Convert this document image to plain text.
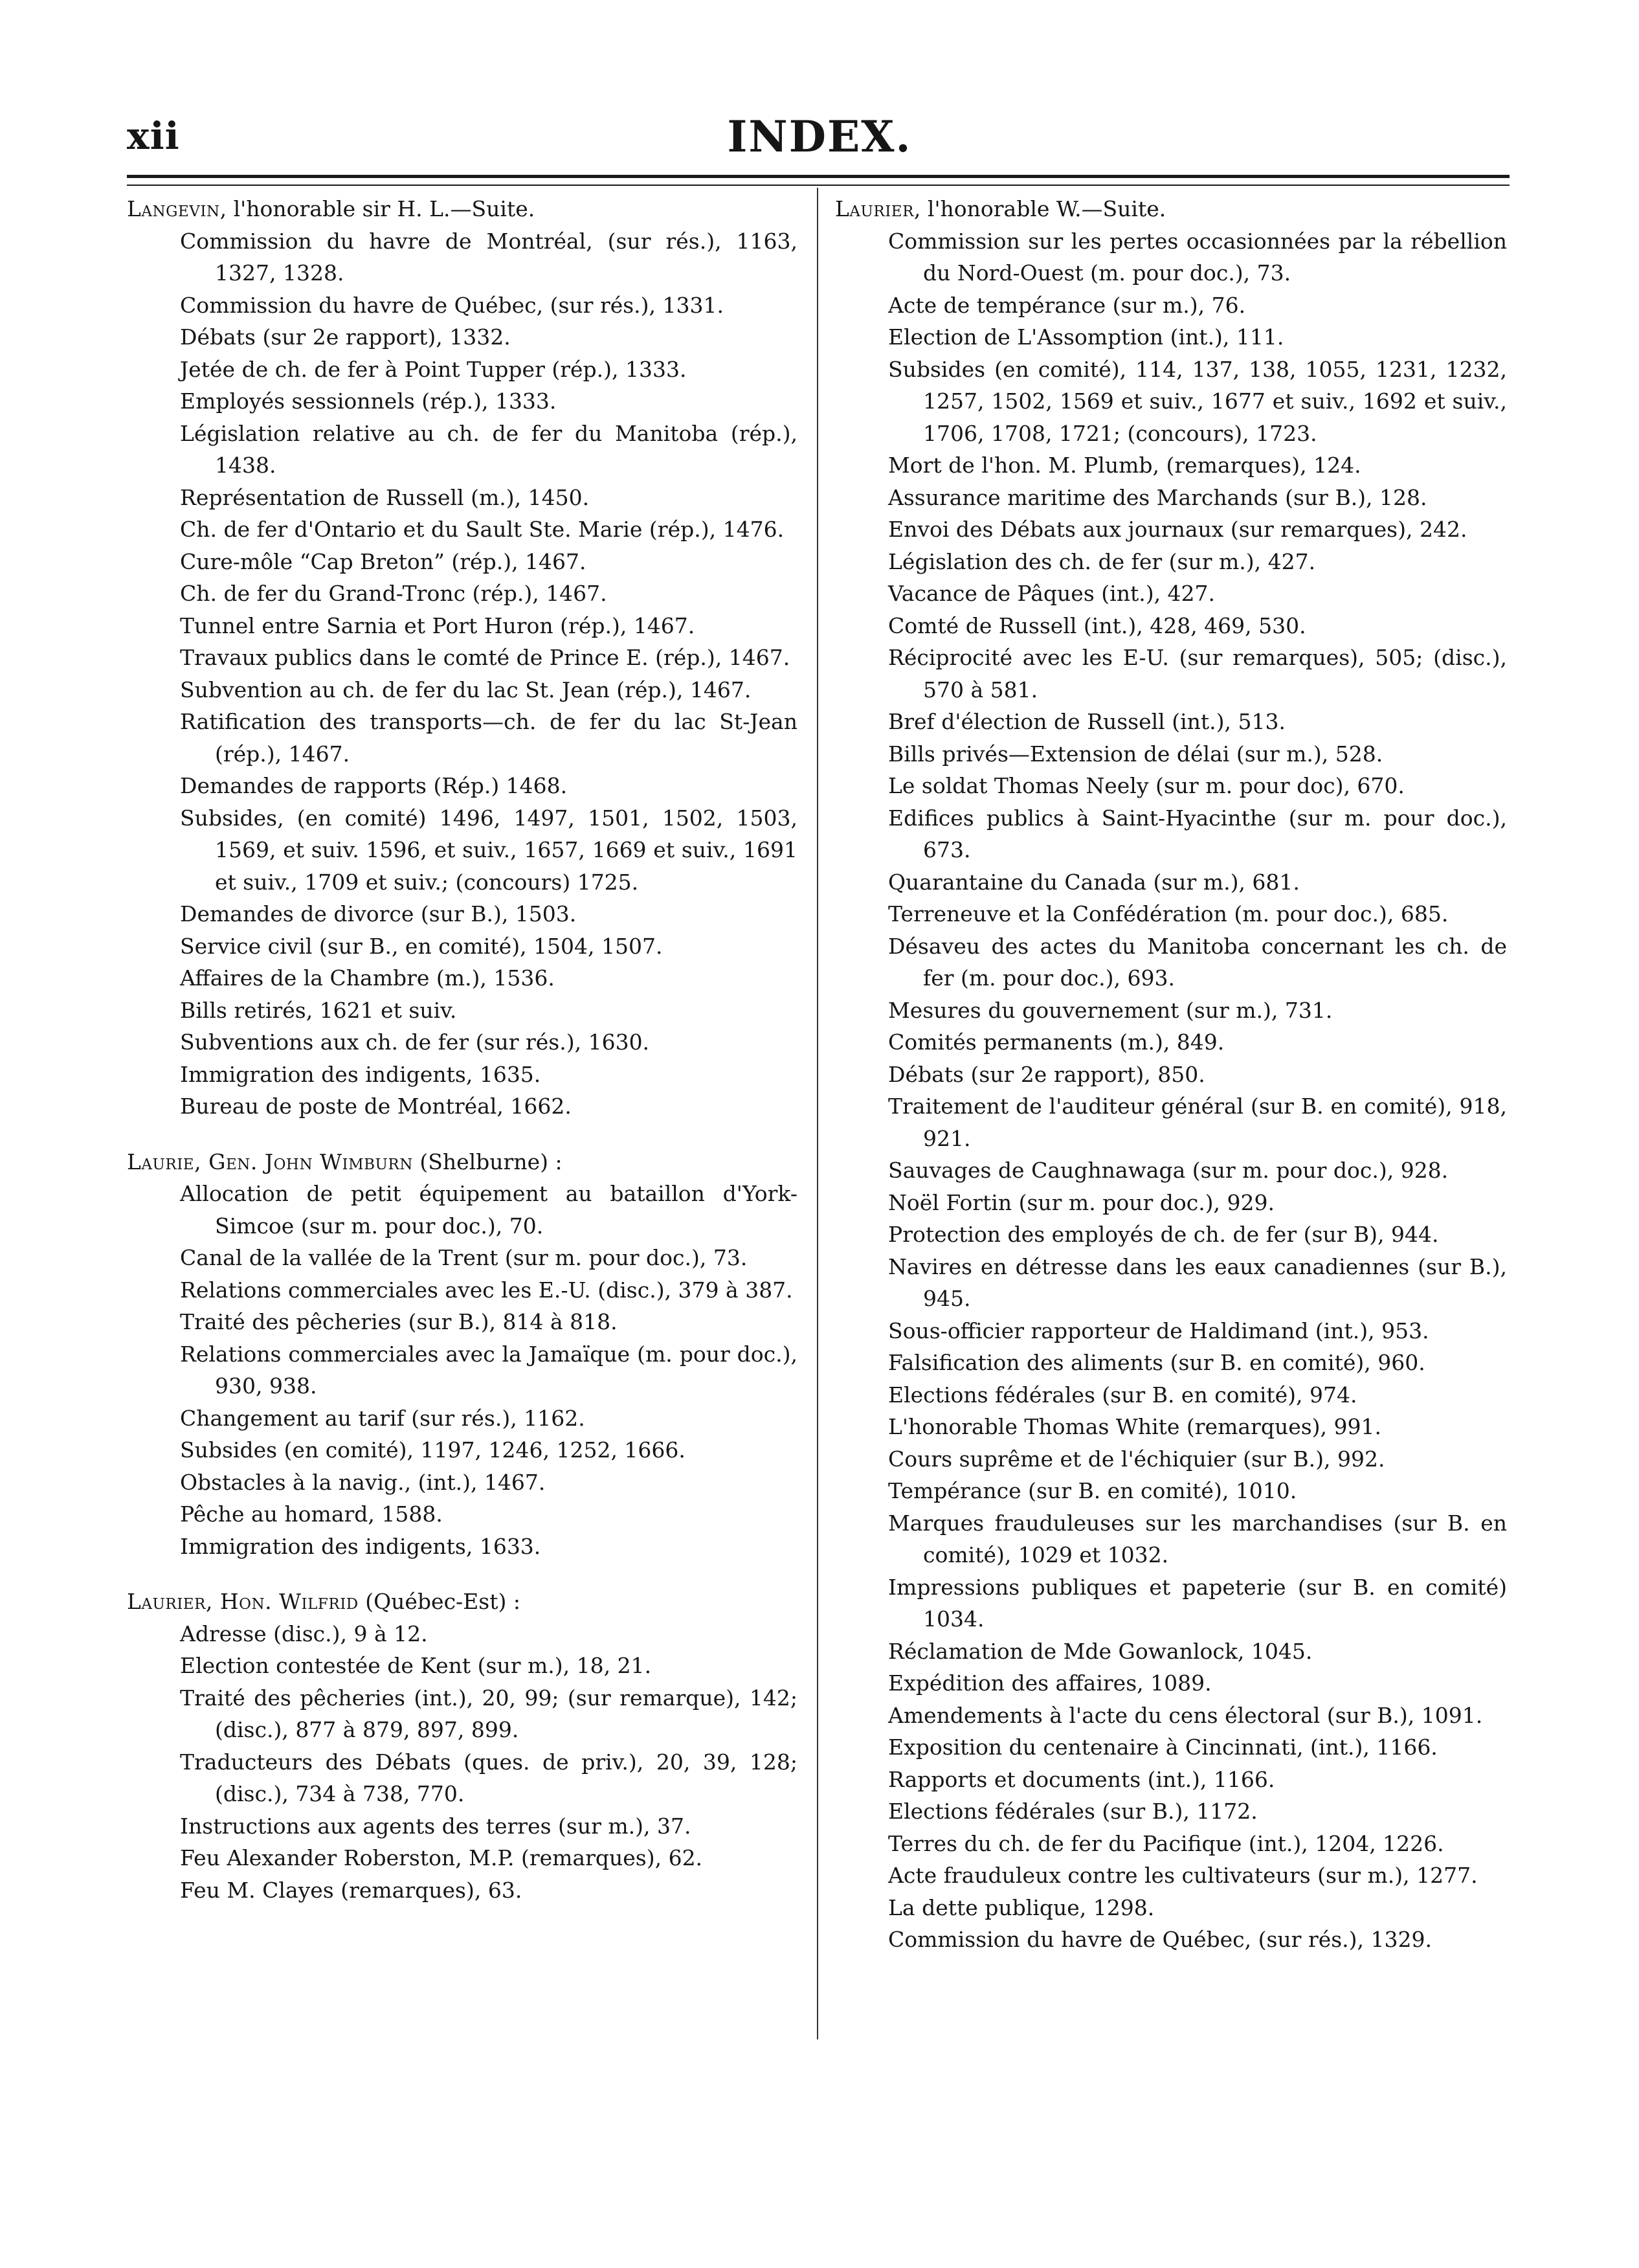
xii	INDEX.

Langevin, l'honorable sir H. L.—Suite.

Commission du havre de Montréal, (sur rés.), 1163, 1327, 1328.

Commission du havre de Québec, (sur rés.), 1331.

Débats (sur 2e rapport), 1332.

Jetée de ch. de fer à Point Tupper (rép.), 1333.

Employés sessionnels (rép.), 1333.

Législation relative au ch. de fer du Manitoba (rép.), 1438.

Représentation de Russell (m.), 1450.

Ch. de fer d'Ontario et du Sault Ste. Marie (rép.), 1476.

Cure-môle “Cap Breton” (rép.), 1467.

Ch. de fer du Grand-Tronc (rép.), 1467.

Tunnel entre Sarnia et Port Huron (rép.), 1467.

Travaux publics dans le comté de Prince E. (rép.), 1467.

Subvention au ch. de fer du lac St. Jean (rép.), 1467.

Ratification des transports—ch. de fer du lac St-Jean (rép.), 1467.

Demandes de rapports (Rép.) 1468.

Subsides, (en comité) 1496, 1497, 1501, 1502, 1503, 1569, et suiv. 1596, et suiv., 1657, 1669 et suiv., 1691 et suiv., 1709 et suiv.; (concours) 1725.

Demandes de divorce (sur B.), 1503.

Service civil (sur B., en comité), 1504, 1507.

Affaires de la Chambre (m.), 1536.

Bills retirés, 1621 et suiv.

Subventions aux ch. de fer (sur rés.), 1630.

Immigration des indigents, 1635.

Bureau de poste de Montréal, 1662.

Laurie, Gen. John Wimburn (Shelburne) :

Allocation de petit équipement au bataillon d'York-Simcoe (sur m. pour doc.), 70.

Canal de la vallée de la Trent (sur m. pour doc.), 73.

Relations commerciales avec les E.-U. (disc.), 379 à 387.

Traité des pêcheries (sur B.), 814 à 818.

Relations commerciales avec la Jamaïque (m. pour doc.), 930, 938.

Changement au tarif (sur rés.), 1162.

Subsides (en comité), 1197, 1246, 1252, 1666.

Obstacles à la navig., (int.), 1467.

Pêche au homard, 1588.

Immigration des indigents, 1633.

Laurier, Hon. Wilfrid (Québec-Est) :

Adresse (disc.), 9 à 12.

Election contestée de Kent (sur m.), 18, 21.

Traité des pêcheries (int.), 20, 99; (sur remarque), 142; (disc.), 877 à 879, 897, 899.

Traducteurs des Débats (ques. de priv.), 20, 39, 128; (disc.), 734 à 738, 770.

Instructions aux agents des terres (sur m.), 37.

Feu Alexander Roberston, M.P. (remarques), 62.

Feu M. Clayes (remarques), 63.

Laurier, l'honorable W.—Suite.

Commission sur les pertes occasionnées par la rébellion du Nord-Ouest (m. pour doc.), 73.

Acte de tempérance (sur m.), 76.

Election de L'Assomption (int.), 111.

Subsides (en comité), 114, 137, 138, 1055, 1231, 1232, 1257, 1502, 1569 et suiv., 1677 et suiv., 1692 et suiv., 1706, 1708, 1721; (concours), 1723.

Mort de l'hon. M. Plumb, (remarques), 124.

Assurance maritime des Marchands (sur B.), 128.

Envoi des Débats aux journaux (sur remarques), 242.

Législation des ch. de fer (sur m.), 427.

Vacance de Pâques (int.), 427.

Comté de Russell (int.), 428, 469, 530.

Réciprocité avec les E-U. (sur remarques), 505; (disc.), 570 à 581.

Bref d'élection de Russell (int.), 513.

Bills privés—Extension de délai (sur m.), 528.

Le soldat Thomas Neely (sur m. pour doc), 670.

Edifices publics à Saint-Hyacinthe (sur m. pour doc.), 673.

Quarantaine du Canada (sur m.), 681.

Terreneuve et la Confédération (m. pour doc.), 685.

Désaveu des actes du Manitoba concernant les ch. de fer (m. pour doc.), 693.

Mesures du gouvernement (sur m.), 731.

Comités permanents (m.), 849.

Débats (sur 2e rapport), 850.

Traitement de l'auditeur général (sur B. en comité), 918, 921.

Sauvages de Caughnawaga (sur m. pour doc.), 928.

Noël Fortin (sur m. pour doc.), 929.

Protection des employés de ch. de fer (sur B), 944.

Navires en détresse dans les eaux canadiennes (sur B.), 945.

Sous-officier rapporteur de Haldimand (int.), 953.

Falsification des aliments (sur B. en comité), 960.

Elections fédérales (sur B. en comité), 974.

L'honorable Thomas White (remarques), 991.

Cours suprême et de l'échiquier (sur B.), 992.

Tempérance (sur B. en comité), 1010.

Marques frauduleuses sur les marchandises (sur B. en comité), 1029 et 1032.

Impressions publiques et papeterie (sur B. en comité) 1034.

Réclamation de Mde Gowanlock, 1045.

Expédition des affaires, 1089.

Amendements à l'acte du cens électoral (sur B.), 1091.

Exposition du centenaire à Cincinnati, (int.), 1166.

Rapports et documents (int.), 1166.

Elections fédérales (sur B.), 1172.

Terres du ch. de fer du Pacifique (int.), 1204, 1226.

Acte frauduleux contre les cultivateurs (sur m.), 1277.

La dette publique, 1298.

Commission du havre de Québec, (sur rés.), 1329.
